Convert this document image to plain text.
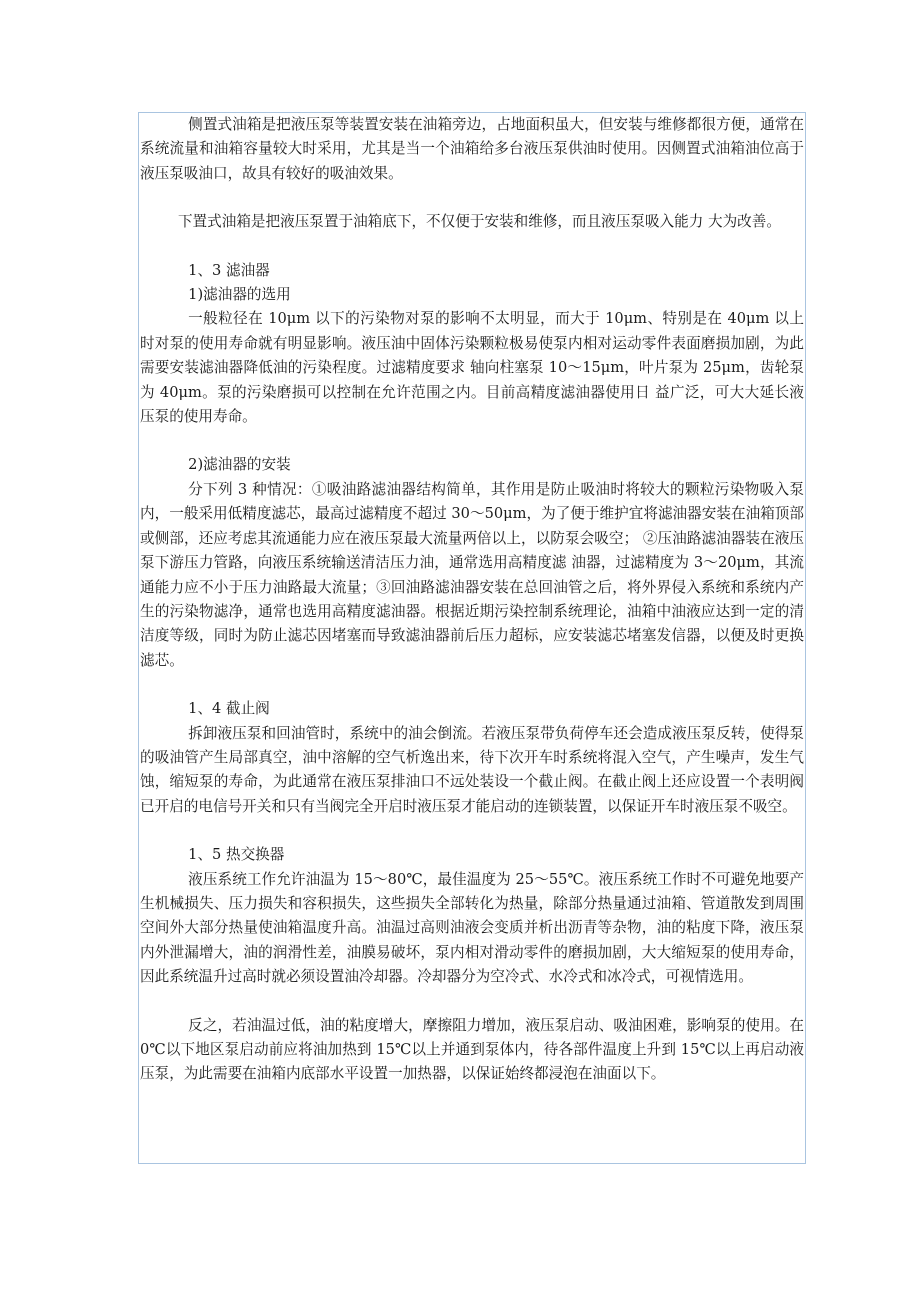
侧置式油箱是把液压泵等装置安装在油箱旁边，占地面积虽大，但安装与维修都很方便，通常在系统流量和油箱容量较大时采用，尤其是当一个油箱给多台液压泵供油时使用。因侧置式油箱油位高于液压泵吸油口，故具有较好的吸油效果。

下置式油箱是把液压泵置于油箱底下，不仅便于安装和维修，而且液压泵吸入能力 大为改善。

1、3 滤油器

1)滤油器的选用

一般粒径在 10μm 以下的污染物对泵的影响不太明显，而大于 10μm、特别是在 40μm 以上时对泵的使用寿命就有明显影响。液压油中固体污染颗粒极易使泵内相对运动零件表面磨损加剧，为此需要安装滤油器降低油的污染程度。过滤精度要求 轴向柱塞泵 10～15μm，叶片泵为 25μm，齿轮泵为 40μm。泵的污染磨损可以控制在允许范围之内。目前高精度滤油器使用日 益广泛，可大大延长液压泵的使用寿命。

2)滤油器的安装

分下列 3 种情况：①吸油路滤油器结构简单，其作用是防止吸油时将较大的颗粒污染物吸入泵内，一般采用低精度滤芯，最高过滤精度不超过 30～50μm，为了便于维护宜将滤油器安装在油箱顶部或侧部，还应考虑其流通能力应在液压泵最大流量两倍以上，以防泵会吸空； ②压油路滤油器装在液压泵下游压力管路，向液压系统输送清洁压力油，通常选用高精度滤 油器，过滤精度为 3～20μm，其流通能力应不小于压力油路最大流量；③回油路滤油器安装在总回油管之后，将外界侵入系统和系统内产生的污染物滤净，通常也选用高精度滤油器。根据近期污染控制系统理论，油箱中油液应达到一定的清洁度等级，同时为防止滤芯因堵塞而导致滤油器前后压力超标，应安装滤芯堵塞发信器，以便及时更换滤芯。

1、4 截止阀

拆卸液压泵和回油管时，系统中的油会倒流。若液压泵带负荷停车还会造成液压泵反转，使得泵的吸油管产生局部真空，油中溶解的空气析逸出来，待下次开车时系统将混入空气，产生噪声，发生气蚀，缩短泵的寿命，为此通常在液压泵排油口不远处装设一个截止阀。在截止阀上还应设置一个表明阀已开启的电信号开关和只有当阀完全开启时液压泵才能启动的连锁装置，以保证开车时液压泵不吸空。

1、5 热交换器

液压系统工作允许油温为 15～80℃，最佳温度为 25～55℃。液压系统工作时不可避免地要产生机械损失、压力损失和容积损失，这些损失全部转化为热量，除部分热量通过油箱、管道散发到周围空间外大部分热量使油箱温度升高。油温过高则油液会变质并析出沥青等杂物，油的粘度下降，液压泵内外泄漏增大，油的润滑性差，油膜易破坏，泵内相对滑动零件的磨损加剧，大大缩短泵的使用寿命，因此系统温升过高时就必须设置油冷却器。冷却器分为空冷式、水冷式和冰冷式，可视情选用。

反之，若油温过低，油的粘度增大，摩擦阻力增加，液压泵启动、吸油困难，影响泵的使用。在 0℃以下地区泵启动前应将油加热到 15℃以上并通到泵体内，待各部件温度上升到 15℃以上再启动液压泵，为此需要在油箱内底部水平设置一加热器，以保证始终都浸泡在油面以下。
